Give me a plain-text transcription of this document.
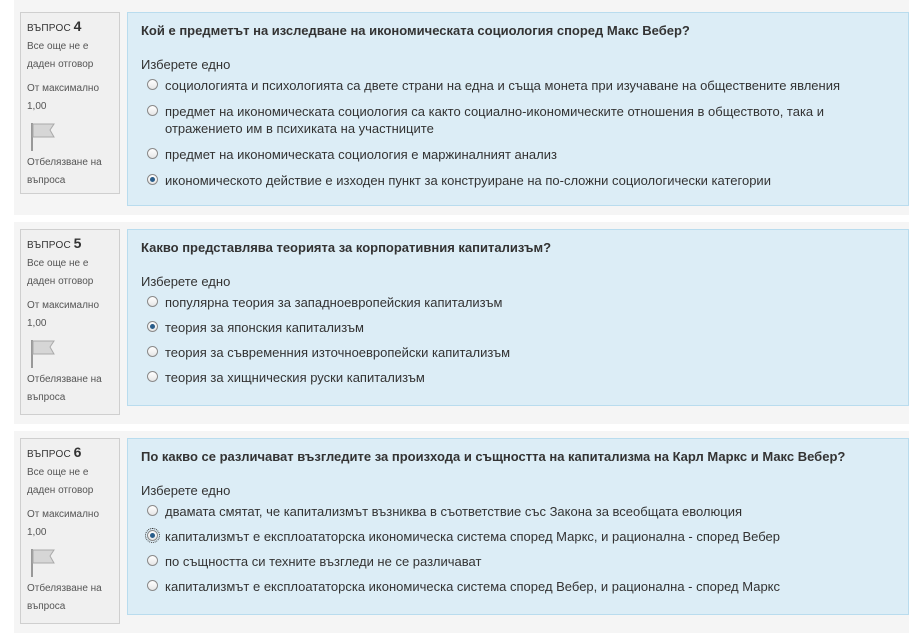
ВЪПРОС 4
Все още не е
даден отговор
От максимално
1,00
Отбелязване на
въпроса
Кой е предметът на изследване на икономическата социология според Макс Вебер?
Изберете едно
социологията и психологията са двете страни на една и съща монета при изучаване на обществените явления
предмет на икономическата социология са както социално-икономическите отношения в обществото, така и отражението им в психиката на участниците
предмет на икономическата социология е маржиналният анализ
икономическото действие е изходен пункт за конструиране на по-сложни социологически категории
ВЪПРОС 5
Все още не е
даден отговор
От максимално
1,00
Отбелязване на
въпроса
Какво представлява теорията за корпоративния капитализъм?
Изберете едно
популярна теория за западноевропейския капитализъм
теория за японския капитализъм
теория за съвременния източноевропейски капитализъм
теория за хищническия руски капитализъм
ВЪПРОС 6
Все още не е
даден отговор
От максимално
1,00
Отбелязване на
въпроса
По какво се различават възгледите за произхода и същността на капитализма на Карл Маркс и Макс Вебер?
Изберете едно
двамата смятат, че капитализмът възниква в съответствие със Закона за всеобщата еволюция
капитализмът е експлоататорска икономическа система според Маркс, и рационална - според Вебер
по същността си техните възгледи не се различават
капитализмът е експлоататорска икономическа система според Вебер, и рационална - според Маркс
